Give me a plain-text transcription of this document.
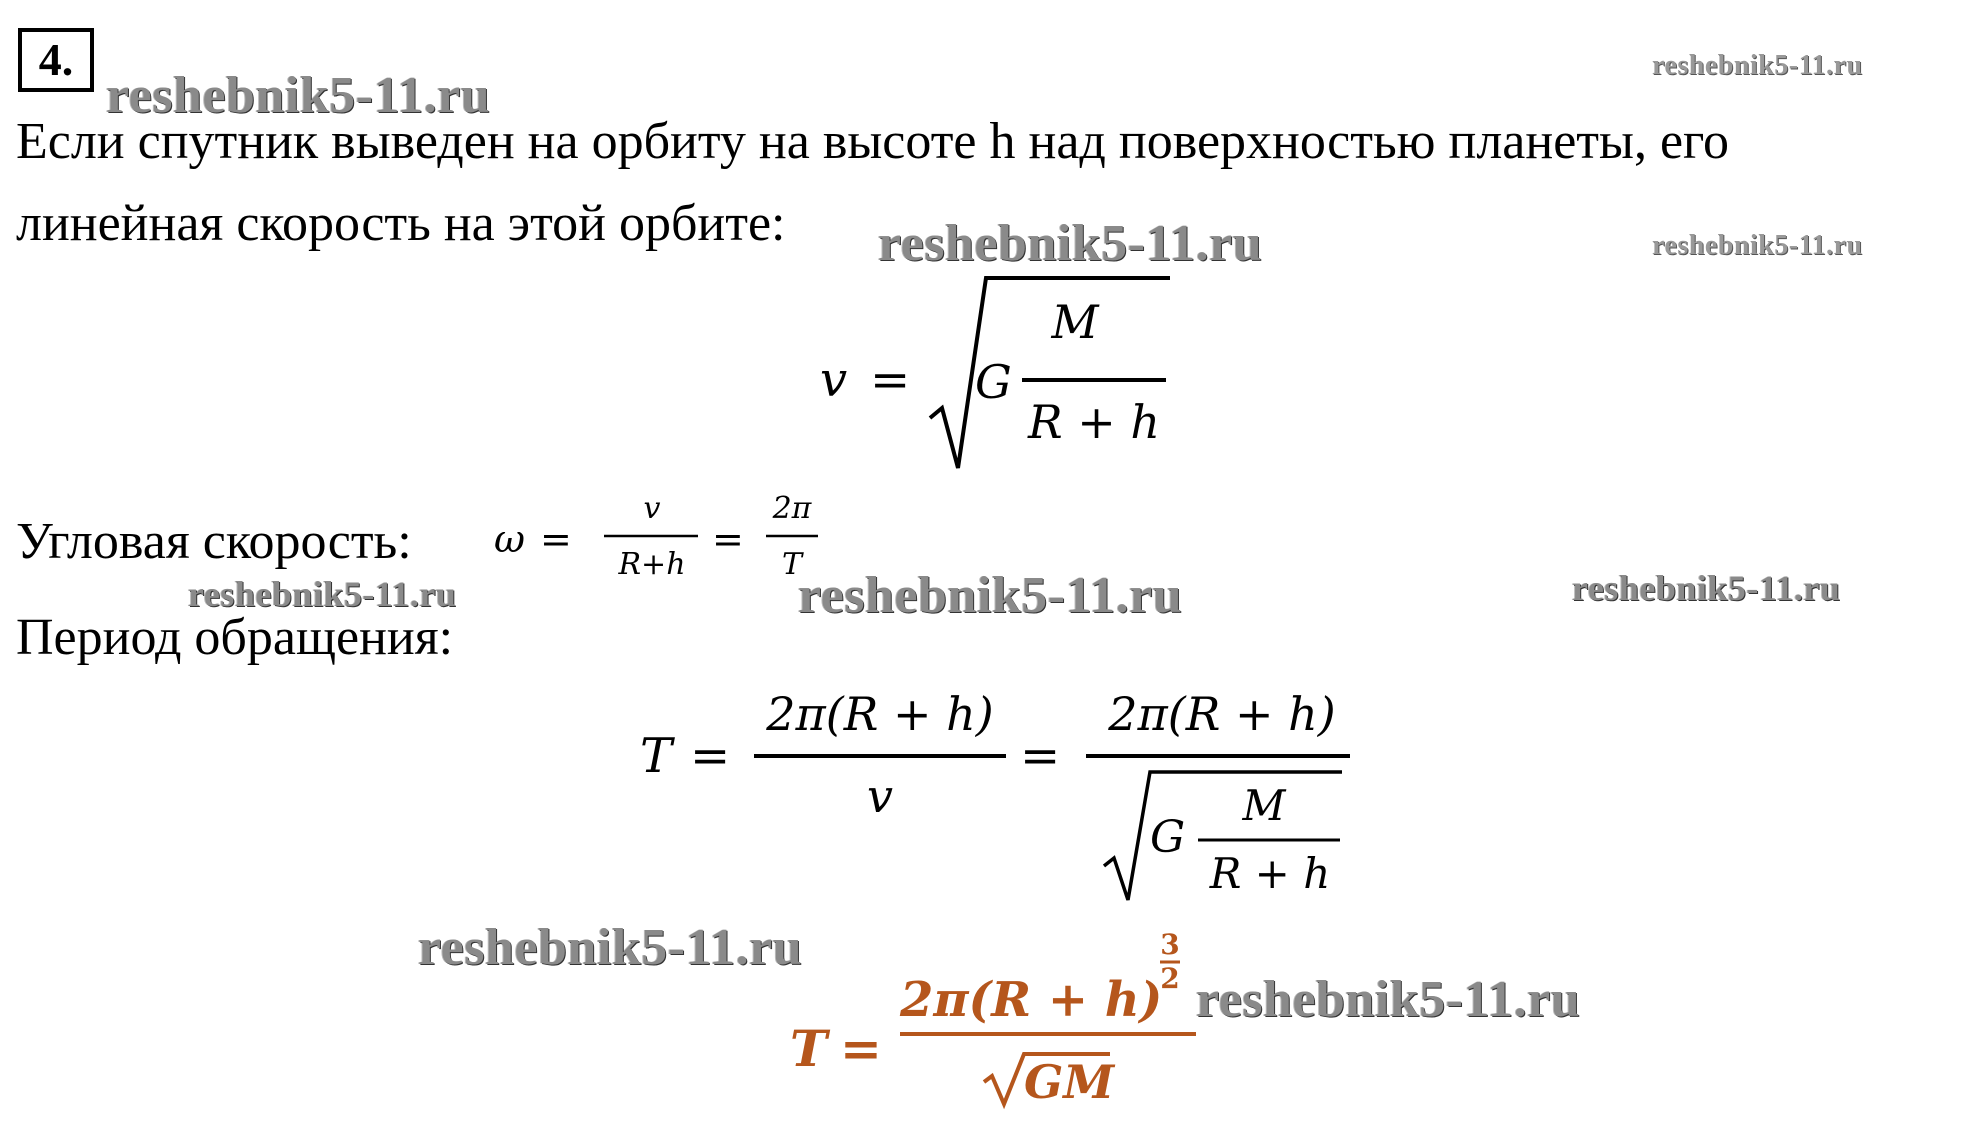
4.
reshebnik5-11.ru
reshebnik5-11.ru
reshebnik5-11.ru	reshebnik5-11.ru
reshebnik5-11.ru	reshebnik5-11.ru	reshebnik5-11.ru
reshebnik5-11.ru
reshebnik5-11.ru
Если спутник выведен на орбиту на высоте h над поверхностью планеты, его
линейная скорость на этой орбите:
Угловая скорость:
Период обращения:
v = G
M
R + h
ω =
v
R+h
=
2π
T
T =
2π(R + h)
v
=
2π(R + h)
G
M
R + h
T =
2π(R + h)
3
2
GM
